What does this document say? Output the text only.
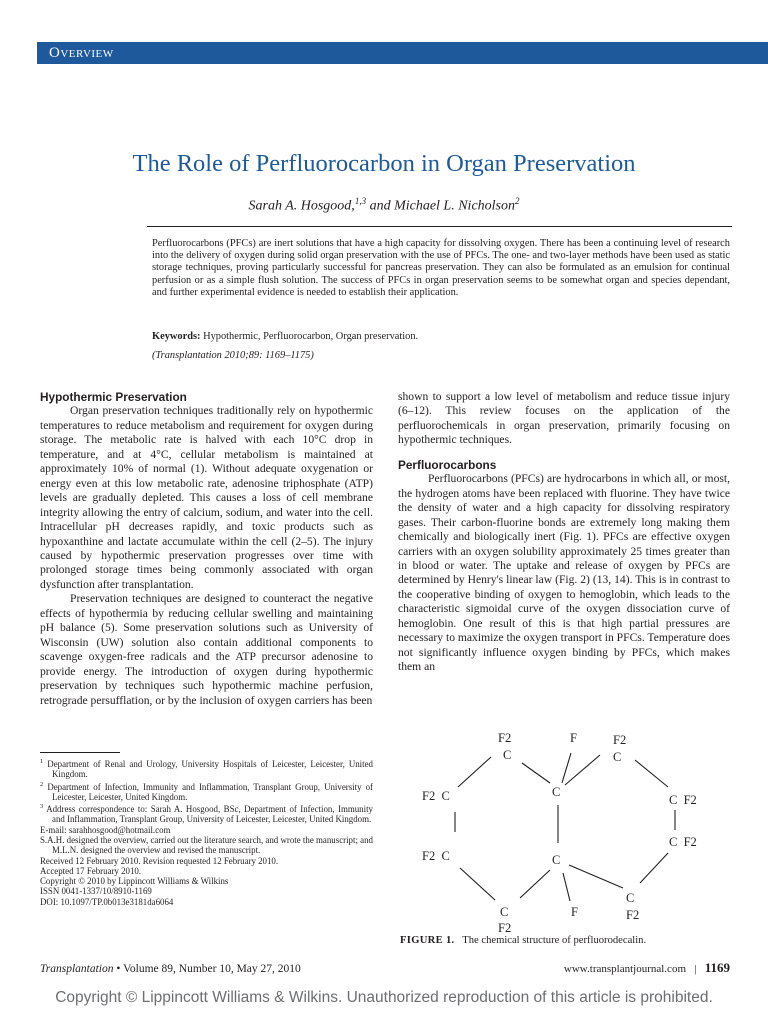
Overview
The Role of Perfluorocarbon in Organ Preservation
Sarah A. Hosgood,$^{1,3}$ and Michael L. Nicholson$^2$

Perfluorocarbons (PFCs) are inert solutions that have a high capacity for dissolving oxygen. There has been a continuing level of research into the delivery of oxygen during solid organ preservation with the use of PFCs. The one- and two-layer methods have been used as static storage techniques, proving particularly successful for pancreas preservation. They can also be formulated as an emulsion for continual perfusion or as a simple flush solution. The success of PFCs in organ preservation seems to be somewhat organ and species dependant, and further experimental evidence is needed to establish their application.

Keywords: Hypothermic, Perfluorocarbon, Organ preservation.
(Transplantation 2010;89: 1169–1175)
Hypothermic Preservation

Organ preservation techniques traditionally rely on hypothermic temperatures to reduce metabolism and requirement for oxygen during storage. The metabolic rate is halved with each 10°C drop in temperature, and at 4°C, cellular metabolism is maintained at approximately 10% of normal (1). Without adequate oxygenation or energy even at this low metabolic rate, adenosine triphosphate (ATP) levels are gradually depleted. This causes a loss of cell membrane integrity allowing the entry of calcium, sodium, and water into the cell. Intracellular pH decreases rapidly, and toxic products such as hypoxanthine and lactate accumulate within the cell (2–5). The injury caused by hypothermic preservation progresses over time with prolonged storage times being commonly associated with organ dysfunction after transplantation.

Preservation techniques are designed to counteract the negative effects of hypothermia by reducing cellular swelling and maintaining pH balance (5). Some preservation solutions such as University of Wisconsin (UW) solution also contain additional components to scavenge oxygen-free radicals and the ATP precursor adenosine to provide energy. The introduction of oxygen during hypothermic preservation by techniques such hypothermic machine perfusion, retrograde persufflation, or by the inclusion of oxygen carriers has been

shown to support a low level of metabolism and reduce tissue injury (6–12). This review focuses on the application of the perfluorochemicals in organ preservation, primarily focusing on hypothermic techniques.

Perfluorocarbons

Perfluorocarbons (PFCs) are hydrocarbons in which all, or most, the hydrogen atoms have been replaced with fluorine. They have twice the density of water and a high capacity for dissolving respiratory gases. Their carbon-fluorine bonds are extremely long making them chemically and biologically inert (Fig. 1). PFCs are effective oxygen carriers with an oxygen solubility approximately 25 times greater than in blood or water. The uptake and release of oxygen by PFCs are determined by Henry's linear law (Fig. 2) (13, 14). This is in contrast to the cooperative binding of oxygen to hemoglobin, which leads to the characteristic sigmoidal curve of the oxygen dissociation curve of hemoglobin. One result of this is that high partial pressures are necessary to maximize the oxygen transport in PFCs. Temperature does not significantly influence oxygen binding by PFCs, which makes them an

$^1$ Department of Renal and Urology, University Hospitals of Leicester, Leicester, United Kingdom.
$^2$ Department of Infection, Immunity and Inflammation, Transplant Group, University of Leicester, Leicester, United Kingdom.
$^3$ Address correspondence to: Sarah A. Hosgood, BSc, Department of Infection, Immunity and Inflammation, Transplant Group, University of Leicester, Leicester, United Kingdom.
E-mail: sarahhosgood@hotmail.com
S.A.H. designed the overview, carried out the literature search, and wrote the manuscript; and M.L.N. designed the overview and revised the manuscript.
Received 12 February 2010. Revision requested 12 February 2010.
Accepted 17 February 2010.
Copyright © 2010 by Lippincott Williams & Wilkins
ISSN 0041-1337/10/8910-1169
DOI: 10.1097/TP.0b013e3181da6064
F2	F	F2
C	C
F2  C	C
C  F2
C  F2
F2  C	C
C
C	F
F2
F2
FIGURE 1. The chemical structure of perfluorodecalin.
Transplantation • Volume 89, Number 10, May 27, 2010	www.transplantjournal.com | 1169
Copyright © Lippincott Williams & Wilkins. Unauthorized reproduction of this article is prohibited.
